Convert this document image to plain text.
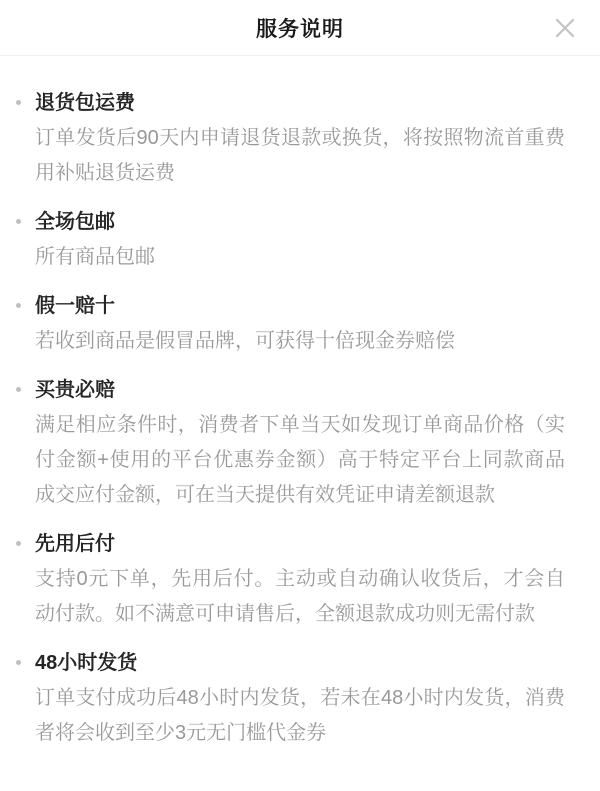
服务说明
退货包运费
订单发货后90天内申请退货退款或换货，将按照物流首重费用补贴退货运费
全场包邮
所有商品包邮
假一赔十
若收到商品是假冒品牌，可获得十倍现金券赔偿
买贵必赔
满足相应条件时，消费者下单当天如发现订单商品价格（实付金额+使用的平台优惠券金额）高于特定平台上同款商品成交应付金额，可在当天提供有效凭证申请差额退款
先用后付
支持0元下单，先用后付。主动或自动确认收货后，才会自动付款。如不满意可申请售后，全额退款成功则无需付款
48小时发货
订单支付成功后48小时内发货，若未在48小时内发货，消费者将会收到至少3元无门槛代金券
